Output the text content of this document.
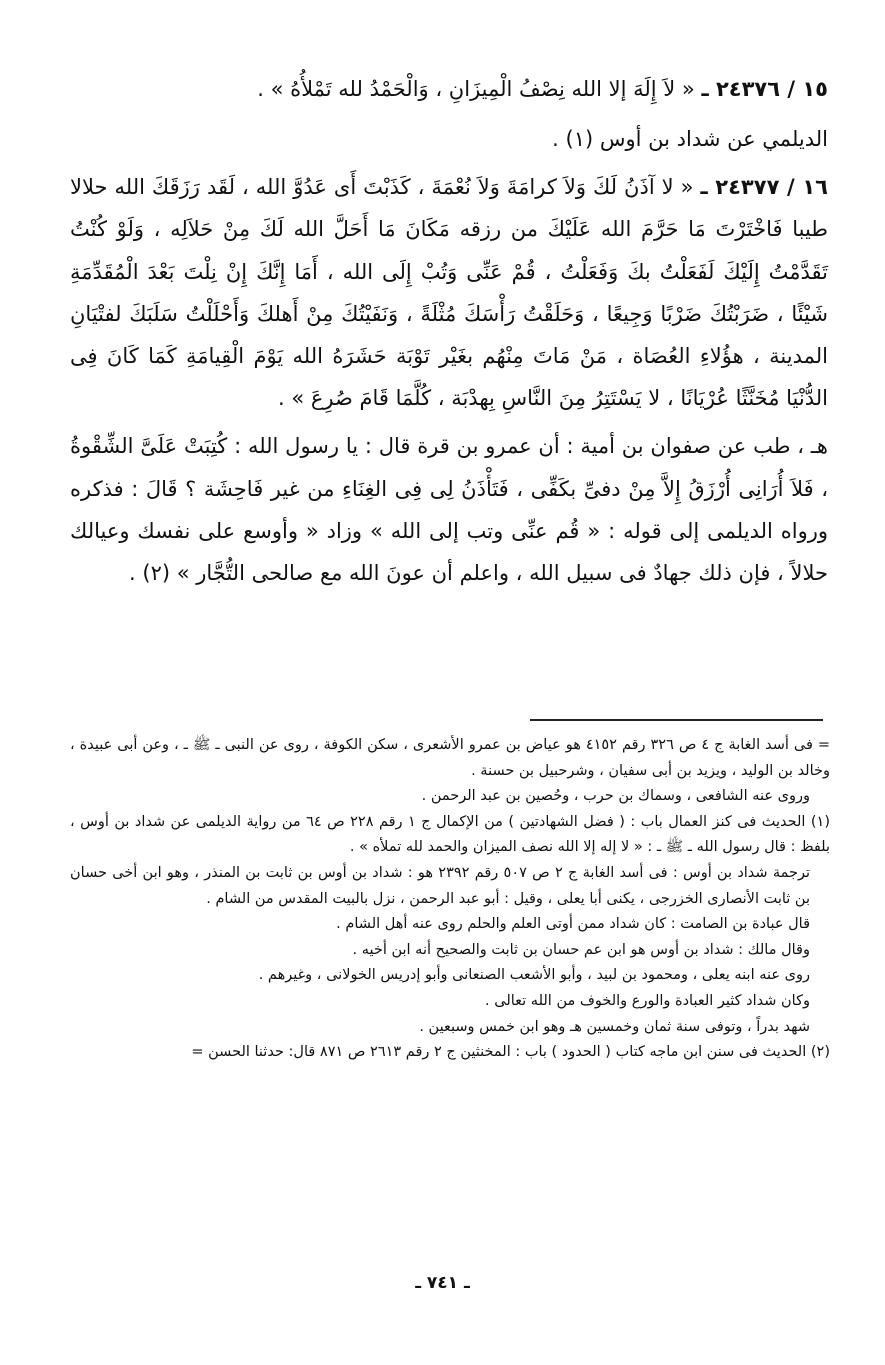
١٥ / ٢٤٣٧٦ ـ « لاَ إِلَهَ إلا الله نِصْفُ الْمِيزَانِ ، وَالْحَمْدُ لله تَمْلأُهُ » .

الديلمي عن شداد بن أوس (١) .

١٦ / ٢٤٣٧٧ ـ « لا آذَنُ لَكَ وَلاَ كرامَةَ وَلاَ نُعْمَةَ ، كَذَبْتَ أَى عَدُوَّ الله ، لَقَد رَزَقَكَ الله حلالا طيبا فَاخْتَرْتَ مَا حَرَّمَ الله عَلَيْكَ من رزقه مَكَانَ مَا أَحَلَّ الله لَكَ مِنْ حَلاَلِه ، وَلَوْ كُنْتُ تَقَدَّمْتُ إِلَيْكَ لَفَعَلْتُ بكَ وَفَعَلْتُ ، قُمْ عَنِّى وَتُبْ إِلَى الله ، أَمَا إِنَّكَ إِنْ نِلْتَ بَعْدَ الْمُقَدِّمَةِ شَيْئًا ، ضَرَبْتُكَ ضَرْبًا وَجِيعًا ، وَحَلَقْتُ رَأْسَكَ مُثْلَةً ، وَنَفَيْتُكَ مِنْ أَهلكَ وَأَحْلَلْتُ سَلَبَكَ لفتْيَانِ المدينة ، هؤُلاءِ العُصَاة ، مَنْ مَاتَ مِنْهُم بغَيْر تَوْبَة حَشَرَهُ الله يَوْمَ الْقِيامَةِ كَمَا كَانَ فِى الدُّنْيَا مُخَنَّثًا عُرْيَانًا ، لا يَسْتَتِرُ مِنَ النَّاسِ بِهدْبَة ، كُلَّمَا قَامَ صُرِعَ » .

هـ ، طب عن صفوان بن أمية : أن عمرو بن قرة قال : يا رسول الله : كُتِبَتْ عَلَىَّ الشِّقْوةُ ، فَلاَ أُرَانِى أُرْزَقُ إِلاَّ مِنْ دفىِّ بكَفِّى ، فَتَأْذَنُ لِى فِى الغِنَاءِ من غير فَاحِشَة ؟ قَالَ : فذكره ورواه الديلمى إلى قوله : « قُم عنِّى وتب إلى الله » وزاد « وأوسع على نفسك وعيالك حلالاً ، فإن ذلك جهادٌ فى سبيل الله ، واعلم أن عونَ الله مع صالحى التُّجَّار » (٢) .

= فى أسد الغابة ج ٤ ص ٣٢٦ رقم ٤١٥٢ هو عياض بن عمرو الأشعرى ، سكن الكوفة ، روى عن النبى ـ ﷺ ـ ، وعن أبى عبيدة ، وخالد بن الوليد ، ويزيد بن أبى سفيان ، وشرحبيل بن حسنة .

وروى عنه الشافعى ، وسماك بن حرب ، وحُصين بن عبد الرحمن .

(١) الحديث فى كنز العمال باب : ( فضل الشهادتين ) من الإكمال ج ١ رقم ٢٢٨ ص ٦٤ من رواية الديلمى عن شداد بن أوس ، بلفظ : قال رسول الله ـ ﷺ ـ : « لا إله إلا الله نصف الميزان والحمد لله تملأه » .

ترجمة شداد بن أوس : فى أسد الغابة ج ٢ ص ٥٠٧ رقم ٢٣٩٢ هو : شداد بن أوس بن ثابت بن المنذر ، وهو ابن أخى حسان بن ثابت الأنصارى الخزرجى ، يكنى أبا يعلى ، وقيل : أبو عبد الرحمن ، نزل بالبيت المقدس من الشام .

قال عبادة بن الصامت : كان شداد ممن أوتى العلم والحلم روى عنه أهل الشام .

وقال مالك : شداد بن أوس هو ابن عم حسان بن ثابت والصحيح أنه ابن أخيه .

روى عنه ابنه يعلى ، ومحمود بن لبيد ، وأبو الأشعب الصنعانى وأبو إدريس الخولانى ، وغيرهم .

وكان شداد كثير العبادة والورع والخوف من الله تعالى .

شهد بدراً ، وتوفى سنة ثمان وخمسين هـ وهو ابن خمس وسبعين .

(٢) الحديث فى سنن ابن ماجه كتاب ( الحدود ) باب : المخنثين ج ٢ رقم ٢٦١٣ ص ٨٧١ قال: حدثنا الحسن =

ـ ٧٤١ ـ
